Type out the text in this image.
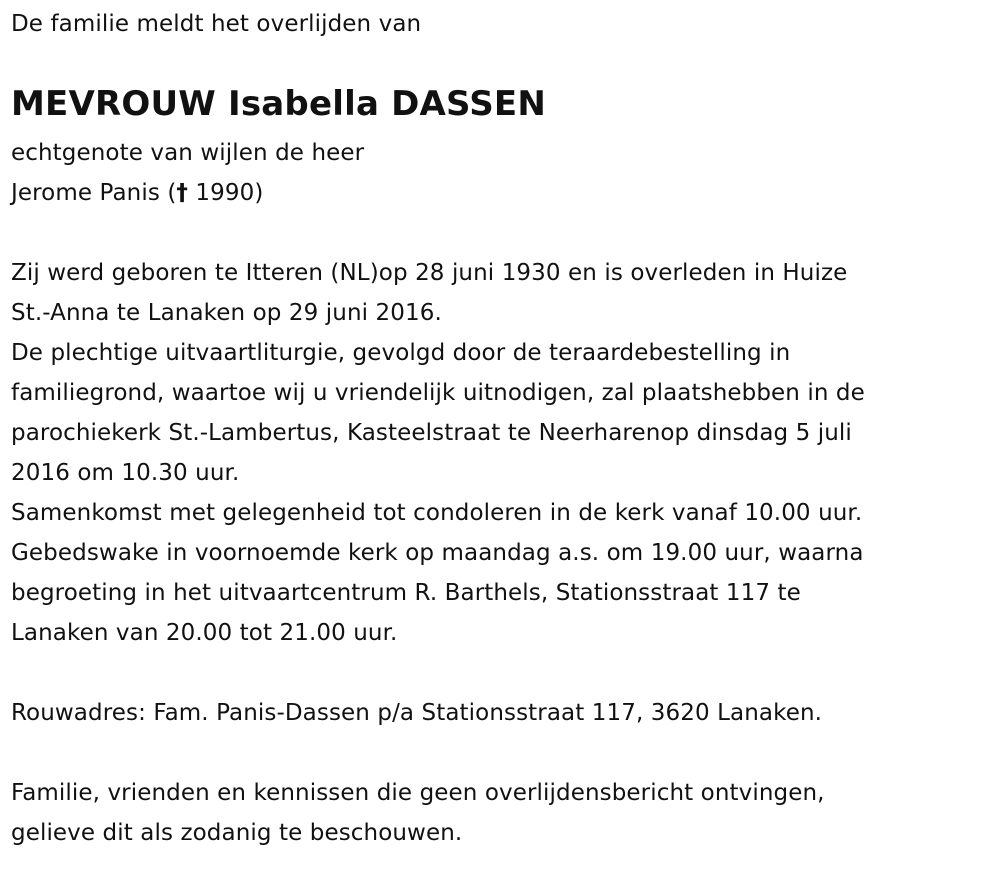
De familie meldt het overlijden van
MEVROUW Isabella DASSEN
echtgenote van wijlen de heer
Jerome Panis († 1990)
Zij werd geboren te Itteren (NL)op 28 juni 1930 en is overleden in Huize
St.-Anna te Lanaken op 29 juni 2016.
De plechtige uitvaartliturgie, gevolgd door de teraardebestelling in
familiegrond, waartoe wij u vriendelijk uitnodigen, zal plaatshebben in de
parochiekerk St.-Lambertus, Kasteelstraat te Neerharenop dinsdag 5 juli
2016 om 10.30 uur.
Samenkomst met gelegenheid tot condoleren in de kerk vanaf 10.00 uur.
Gebedswake in voornoemde kerk op maandag a.s. om 19.00 uur, waarna
begroeting in het uitvaartcentrum R. Barthels, Stationsstraat 117 te
Lanaken van 20.00 tot 21.00 uur.
Rouwadres: Fam. Panis-Dassen p/a Stationsstraat 117, 3620 Lanaken.
Familie, vrienden en kennissen die geen overlijdensbericht ontvingen,
gelieve dit als zodanig te beschouwen.
